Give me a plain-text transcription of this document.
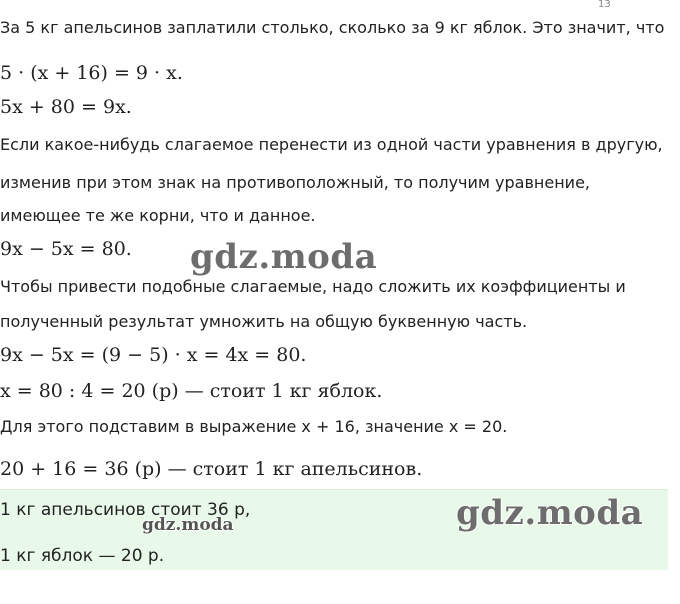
13
За 5 кг апельсинов заплатили столько, сколько за 9 кг яблок. Это значит, что
5 · (x + 16) = 9 · x.
5x + 80 = 9x.
Если какое-нибудь слагаемое перенести из одной части уравнения в другую,
изменив при этом знак на противоположный, то получим уравнение,
имеющее те же корни, что и данное.
9x − 5x = 80. gdz.moda
Чтобы привести подобные слагаемые, надо сложить их коэффициенты и
полученный результат умножить на общую буквенную часть.
9x − 5x = (9 − 5) · x = 4x = 80.
x = 80 : 4 = 20 (р) — стоит 1 кг яблок.
Для этого подставим в выражение x + 16, значение x = 20.
20 + 16 = 36 (р) — стоит 1 кг апельсинов.
1 кг апельсинов стоит 36 р,
gdz.moda	gdz.moda
1 кг яблок — 20 р.
